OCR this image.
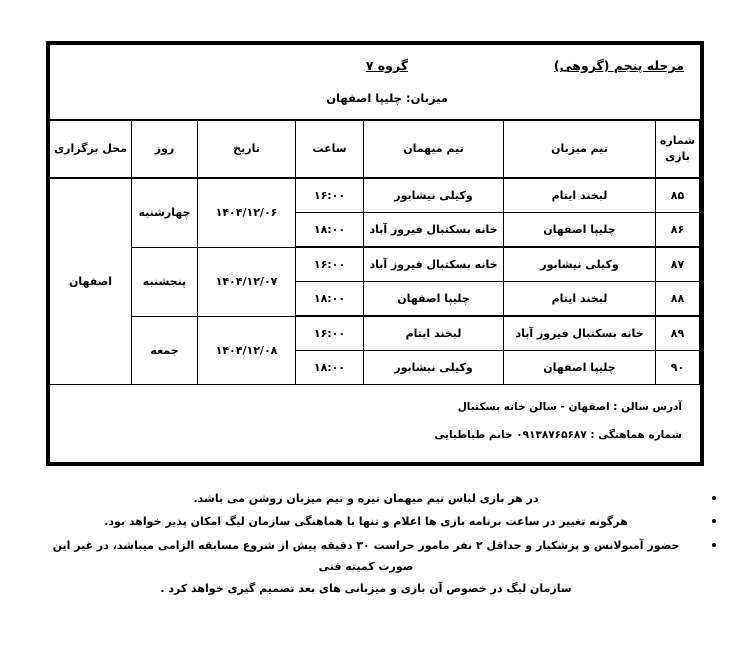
مرحله پنجم (گروهی)
گروه ۷
میزبان: چلیپا اصفهان
شماره
بازی	تیم میزبان	تیم میهمان	ساعت	تاریخ	روز	محل برگزاری
۸۵	لبخند ایتام	وکیلی نیشابور	۱۶:۰۰	۱۴۰۴/۱۲/۰۶	چهارشنبه	اصفهان
۸۶	چلیپا اصفهان	خانه بسکتبال فیروز آباد	۱۸:۰۰			
۸۷	وکیلی نیشابور	خانه بسکتبال فیروز آباد	۱۶:۰۰	۱۴۰۴/۱۲/۰۷	پنجشنبه	
۸۸	لبخند ایتام	چلیپا اصفهان	۱۸:۰۰			
۸۹	خانه بسکتبال فیروز آباد	لبخند ایتام	۱۶:۰۰	۱۴۰۴/۱۲/۰۸	جمعه	
۹۰	چلیپا اصفهان	وکیلی نیشابور	۱۸:۰۰			
آدرس سالن : اصفهان - سالن خانه بسکتبال
شماره هماهنگی : ۰۹۱۳۸۷۶۵۶۸۷ خانم طباطبایی
در هر بازی لباس تیم میهمان تیره و تیم میزبان روشن می باشد.
هرگونه تغییر در ساعت برنامه بازی ها اعلام و تنها با هماهنگی سازمان لیگ امکان پذیر خواهد بود.
حضور آمبولانس و پزشکیار و حداقل ۲ نفر مامور حراست ۳۰ دقیقه پیش از شروع مسابقه الزامی میباشد، در غیر این صورت کمیته فنی
سازمان لیگ در خصوص آن بازی و میزبانی های بعد تصمیم گیری خواهد کرد .
